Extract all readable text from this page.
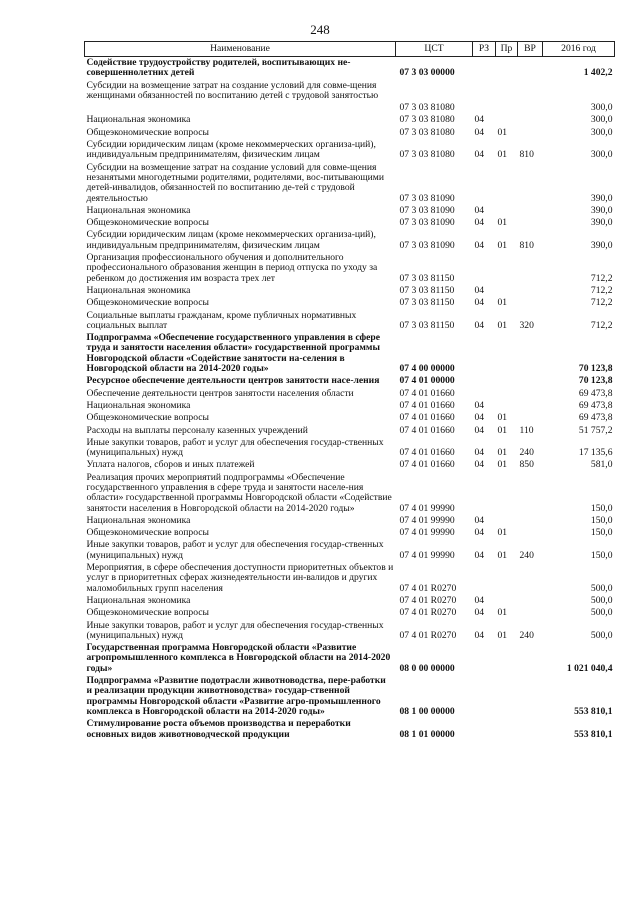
248
Наименование	ЦСТ	РЗ	Пр	ВР	2016 год
Содействие трудоустройству родителей, воспитывающих не-совершеннолетних детей	07 3 03 00000				1 402,2
Субсидии на возмещение затрат на создание условий для совме-щения женщинами обязанностей по воспитанию детей с трудовой занятостью					
	07 3 03 81080				300,0
Национальная экономика	07 3 03 81080	04			300,0
Общеэкономические вопросы	07 3 03 81080	04	01		300,0
Субсидии юридическим лицам (кроме некоммерческих организа-ций), индивидуальным предпринимателям, физическим лицам	07 3 03 81080	04	01	810	300,0
Субсидии на возмещение затрат на создание условий для совме-щения незанятыми многодетными родителями, родителями, вос-питывающими детей-инвалидов, обязанностей по воспитанию де-тей с трудовой деятельностью	07 3 03 81090				390,0
Национальная экономика	07 3 03 81090	04			390,0
Общеэкономические вопросы	07 3 03 81090	04	01		390,0
Субсидии юридическим лицам (кроме некоммерческих организа-ций), индивидуальным предпринимателям, физическим лицам	07 3 03 81090	04	01	810	390,0
Организация профессионального обучения и дополнительного профессионального образования женщин в период отпуска по уходу за ребенком до достижения им возраста трех лет	07 3 03 81150				712,2
Национальная экономика	07 3 03 81150	04			712,2
Общеэкономические вопросы	07 3 03 81150	04	01		712,2
Социальные выплаты гражданам, кроме публичных нормативных социальных выплат	07 3 03 81150	04	01	320	712,2
Подпрограмма «Обеспечение государственного управления в сфере труда и занятости населения области» государственной программы Новгородской области «Содействие занятости на-селения в Новгородской области на 2014-2020 годы»	07 4 00 00000				70 123,8
Ресурсное обеспечение деятельности центров занятости насе-ления	07 4 01 00000				70 123,8
Обеспечение деятельности центров занятости населения области	07 4 01 01660				69 473,8
Национальная экономика	07 4 01 01660	04			69 473,8
Общеэкономические вопросы	07 4 01 01660	04	01		69 473,8
Расходы на выплаты персоналу казенных учреждений	07 4 01 01660	04	01	110	51 757,2
Иные закупки товаров, работ и услуг для обеспечения государ-ственных (муниципальных) нужд	07 4 01 01660	04	01	240	17 135,6
Уплата налогов, сборов и иных платежей	07 4 01 01660	04	01	850	581,0
Реализация прочих мероприятий подпрограммы «Обеспечение государственного управления в сфере труда и занятости населе-ния области» государственной программы Новгородской области «Содействие занятости населения в Новгородской области на 2014-2020 годы»	07 4 01 99990				150,0
Национальная экономика	07 4 01 99990	04			150,0
Общеэкономические вопросы	07 4 01 99990	04	01		150,0
Иные закупки товаров, работ и услуг для обеспечения государ-ственных (муниципальных) нужд	07 4 01 99990	04	01	240	150,0
Мероприятия, в сфере обеспечения доступности приоритетных объектов и услуг в приоритетных сферах жизнедеятельности ин-валидов и других маломобильных групп населения	07 4 01 R0270				500,0
Национальная экономика	07 4 01 R0270	04			500,0
Общеэкономические вопросы	07 4 01 R0270	04	01		500,0
Иные закупки товаров, работ и услуг для обеспечения государ-ственных (муниципальных) нужд	07 4 01 R0270	04	01	240	500,0
Государственная программа Новгородской области «Развитие агропромышленного комплекса в Новгородской области на 2014-2020 годы»	08 0 00 00000				1 021 040,4
Подпрограмма «Развитие подотрасли животноводства, пере-работки и реализации продукции животноводства» государ-ственной программы Новгородской области «Развитие агро-промышленного комплекса в Новгородской области на 2014-2020 годы»	08 1 00 00000				553 810,1
Стимулирование роста объемов производства и переработки основных видов животноводческой продукции	08 1 01 00000				553 810,1
